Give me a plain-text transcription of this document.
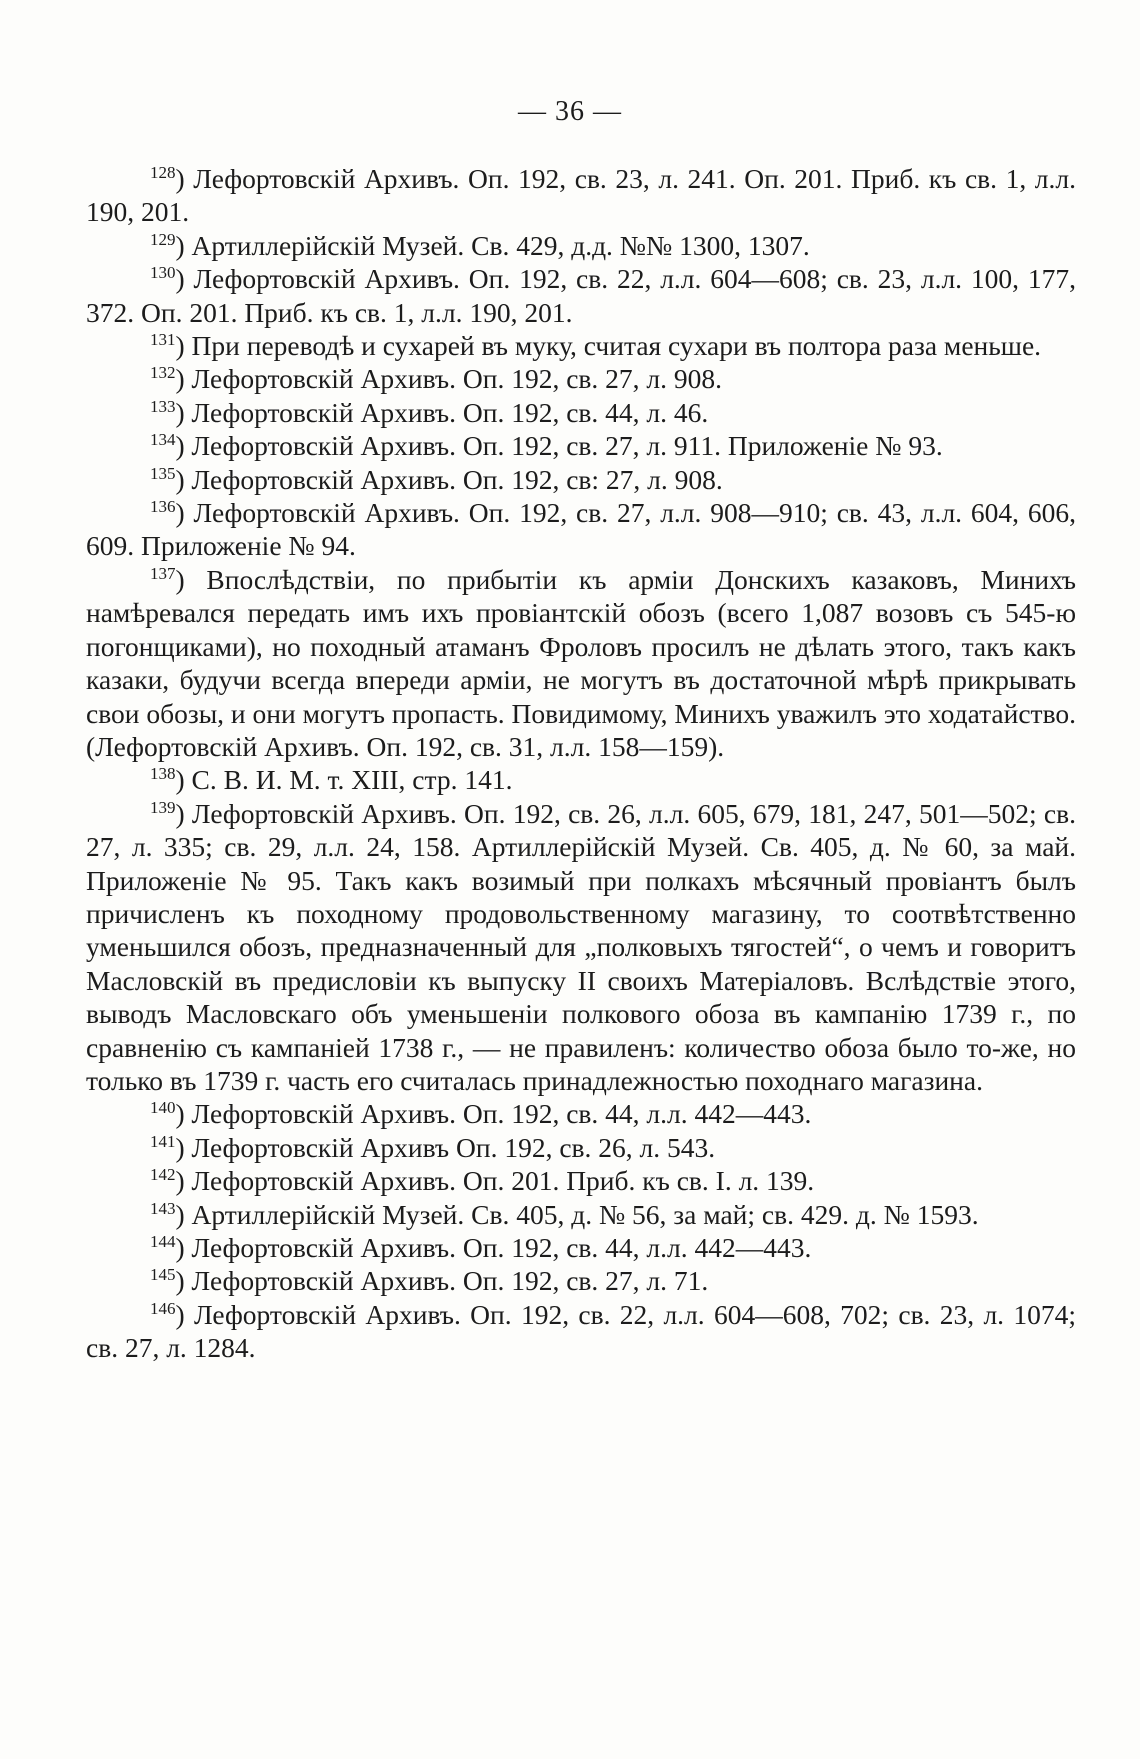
— 36 —

$^{128}$) Лефортовскій Архивъ. Оп. 192, св. 23, л. 241. Оп. 201. Приб. къ св. 1, л.л. 190, 201.

$^{129}$) Артиллерійскій Музей. Св. 429, д.д. №№ 1300, 1307.

$^{130}$) Лефортовскій Архивъ. Оп. 192, св. 22, л.л. 604—608; св. 23, л.л. 100, 177, 372. Оп. 201. Приб. къ св. 1, л.л. 190, 201.

$^{131}$) При переводѣ и сухарей въ муку, считая сухари въ полтора раза меньше.

$^{132}$) Лефортовскій Архивъ. Оп. 192, св. 27, л. 908.

$^{133}$) Лефортовскій Архивъ. Оп. 192, св. 44, л. 46.

$^{134}$) Лефортовскій Архивъ. Оп. 192, св. 27, л. 911. Приложеніе № 93.

$^{135}$) Лефортовскій Архивъ. Оп. 192, св: 27, л. 908.

$^{136}$) Лефортовскій Архивъ. Оп. 192, св. 27, л.л. 908—910; св. 43, л.л. 604, 606, 609. Приложеніе № 94.

$^{137}$) Впослѣдствіи, по прибытіи къ арміи Донскихъ казаковъ, Минихъ намѣревался передать имъ ихъ провіантскій обозъ (всего 1,087 возовъ съ 545-ю погонщиками), но походный атаманъ Фроловъ просилъ не дѣлать этого, такъ какъ казаки, будучи всегда впереди арміи, не могутъ въ достаточной мѣрѣ прикрывать свои обозы, и они могутъ пропасть. Повидимому, Минихъ уважилъ это ходатайство. (Лефортовскій Архивъ. Оп. 192, св. 31, л.л. 158—159).

$^{138}$) С. В. И. М. т. XIII, стр. 141.

$^{139}$) Лефортовскій Архивъ. Оп. 192, св. 26, л.л. 605, 679, 181, 247, 501—502; св. 27, л. 335; св. 29, л.л. 24, 158. Артиллерійскій Музей. Св. 405, д. № 60, за май. Приложеніе № 95. Такъ какъ возимый при полкахъ мѣсячный провіантъ былъ причисленъ къ походному продовольственному магазину, то соотвѣтственно уменьшился обозъ, предназначенный для „полковыхъ тягостей“, о чемъ и говоритъ Масловскій въ предисловіи къ выпуску II своихъ Матеріаловъ. Вслѣдствіе этого, выводъ Масловскаго объ уменьшеніи полкового обоза въ кампанію 1739 г., по сравненію съ кампаніей 1738 г., — не правиленъ: количество обоза было то-же, но только въ 1739 г. часть его считалась принадлежностью походнаго магазина.

$^{140}$) Лефортовскій Архивъ. Оп. 192, св. 44, л.л. 442—443.

$^{141}$) Лефортовскій Архивъ Оп. 192, св. 26, л. 543.

$^{142}$) Лефортовскій Архивъ. Оп. 201. Приб. къ св. I. л. 139.

$^{143}$) Артиллерійскій Музей. Св. 405, д. № 56, за май; св. 429. д. № 1593.

$^{144}$) Лефортовскій Архивъ. Оп. 192, св. 44, л.л. 442—443.

$^{145}$) Лефортовскій Архивъ. Оп. 192, св. 27, л. 71.

$^{146}$) Лефортовскій Архивъ. Оп. 192, св. 22, л.л. 604—608, 702; св. 23, л. 1074; св. 27, л. 1284.
